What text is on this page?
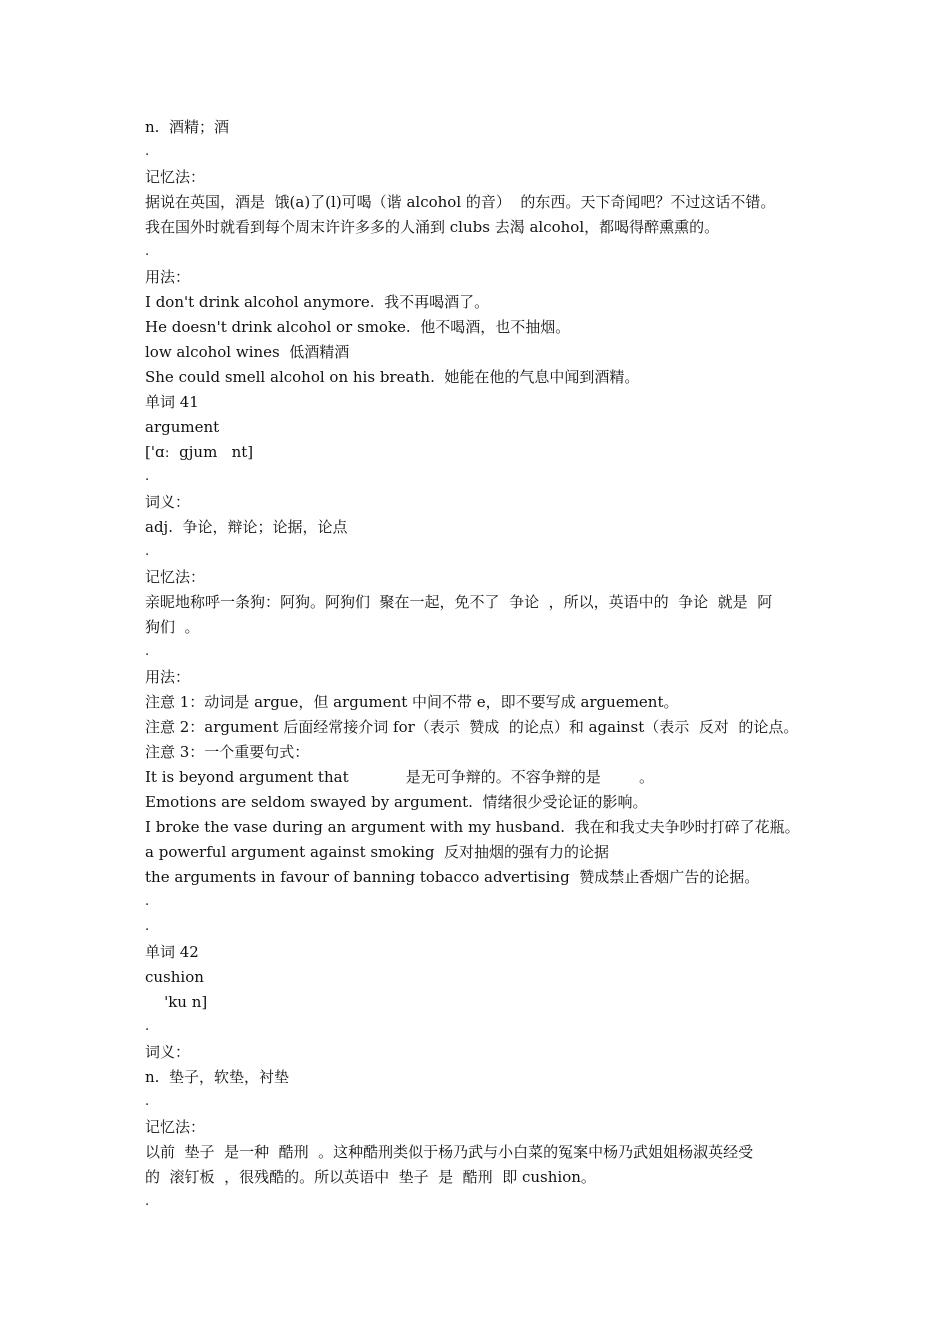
n.  酒精；酒
.
记忆法：
据说在英国，酒是  饿(a)了(l)可喝（谐 alcohol 的音）  的东西。天下奇闻吧？不过这话不错。
我在国外时就看到每个周末许许多多的人涌到 clubs 去渴 alcohol，都喝得醉熏熏的。
.
用法：
I don't drink alcohol anymore.  我不再喝酒了。
He doesn't drink alcohol or smoke.  他不喝酒，也不抽烟。
low alcohol wines  低酒精酒
She could smell alcohol on his breath.  她能在他的气息中闻到酒精。
单词 41
argument
['ɑː  gjum   nt]
.
词义：
adj.  争论，辩论；论据，论点
.
记忆法：
亲昵地称呼一条狗：阿狗。阿狗们  聚在一起，免不了  争论  ，所以，英语中的  争论  就是  阿
狗们  。
.
用法：
注意 1：动词是 argue，但 argument 中间不带 e，即不要写成 arguement。
注意 2：argument 后面经常接介词 for（表示  赞成  的论点）和 against（表示  反对  的论点。
注意 3：一个重要句式：
It is beyond argument that            是无可争辩的。不容争辩的是        。
Emotions are seldom swayed by argument.  情绪很少受论证的影响。
I broke the vase during an argument with my husband.  我在和我丈夫争吵时打碎了花瓶。
a powerful argument against smoking  反对抽烟的强有力的论据
the arguments in favour of banning tobacco advertising  赞成禁止香烟广告的论据。
.
.
单词 42
cushion
'ku n]
.
词义：
n.  垫子，软垫，衬垫
.
记忆法：
以前  垫子  是一种  酷刑  。这种酷刑类似于杨乃武与小白菜的冤案中杨乃武姐姐杨淑英经受
的  滚钉板  ，很残酷的。所以英语中  垫子  是  酷刑  即 cushion。
.
